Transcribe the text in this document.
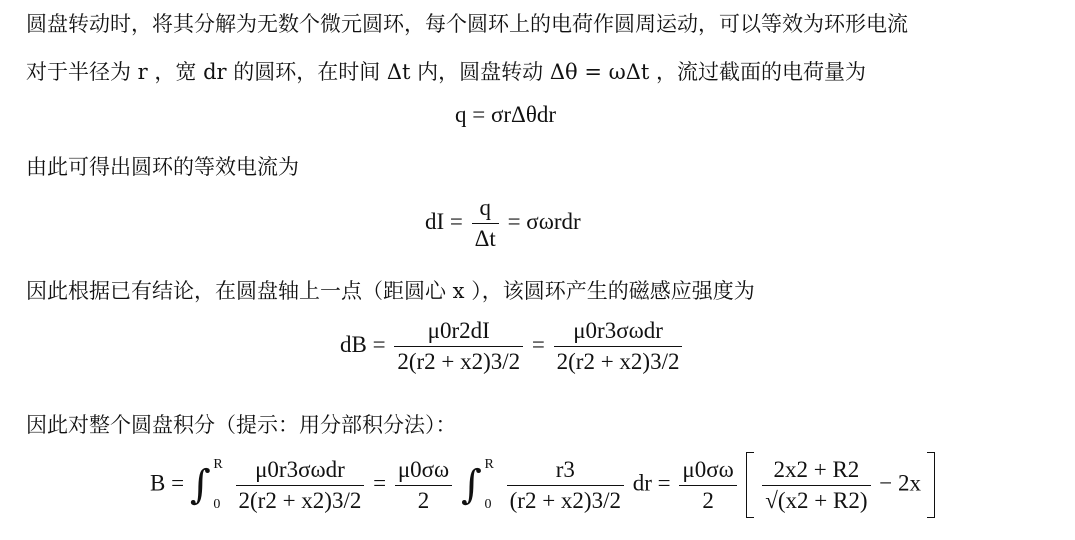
圆盘转动时，将其分解为无数个微元圆环，每个圆环上的电荷作圆周运动，可以等效为环形电流
对于半径为 r ，宽 dr 的圆环，在时间 Δt 内，圆盘转动 Δθ = ωΔt ，流过截面的电荷量为
q = σrΔθdr
由此可得出圆环的等效电流为
dI = $\frac{q}{\Delta t} = \sigma\omega rdr$
因此根据已有结论，在圆盘轴上一点（距圆心 x ），该圆环产生的磁感应强度为
dB = $\frac{\mu 0r2dI}{2(r2 + x2)3/2} = \frac{\text{μ0r3σωdr}}{2(r2 + x2)3/2}$
因此对整个圆盘积分（提示：用分部积分法）：
B = ∫ R
0
$\frac{\text{μ0r3σωdr}}{2(r2 + x2)3/2} = \frac{\mu 0\sigma\omega}{2}$ ∫ R
0
$\frac{r3}{(r2 + x2)3/2}$ dr = $\frac{\mu 0\sigma\omega}{2}$
$\frac{2x2 + R2}{√(x2 + R2)} - 2x$
